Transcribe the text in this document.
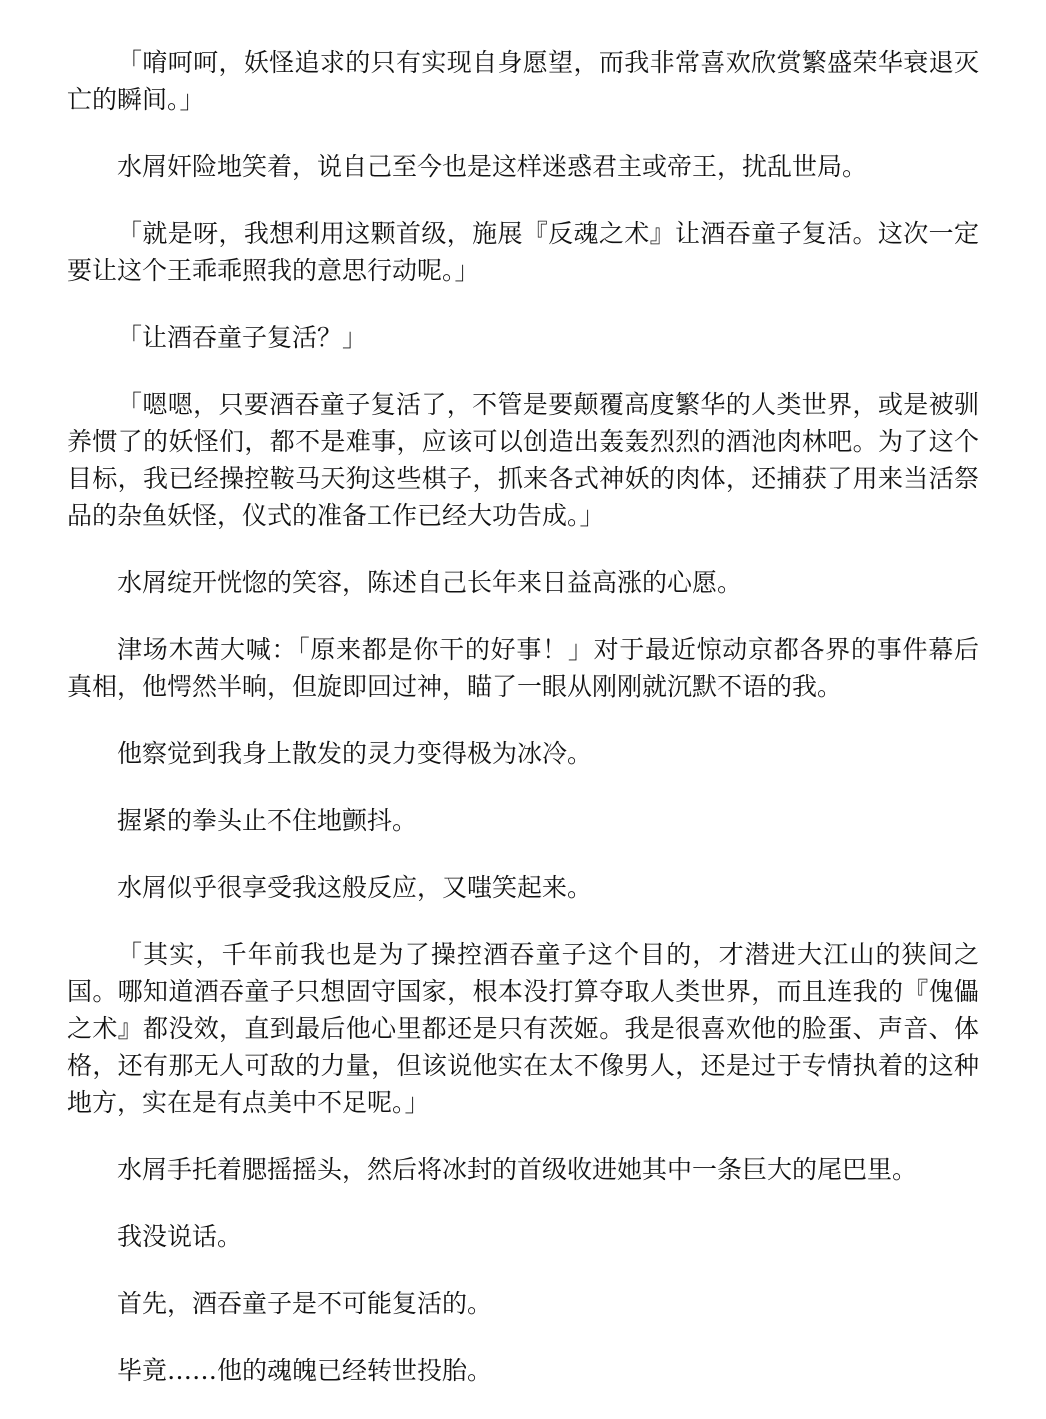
「唷呵呵，妖怪追求的只有实现自身愿望，而我非常喜欢欣赏繁盛荣华衰退灭亡的瞬间。」

水屑奸险地笑着，说自己至今也是这样迷惑君主或帝王，扰乱世局。

「就是呀，我想利用这颗首级，施展『反魂之术』让酒吞童子复活。这次一定要让这个王乖乖照我的意思行动呢。」

「让酒吞童子复活？」

「嗯嗯，只要酒吞童子复活了，不管是要颠覆高度繁华的人类世界，或是被驯养惯了的妖怪们，都不是难事，应该可以创造出轰轰烈烈的酒池肉林吧。为了这个目标，我已经操控鞍马天狗这些棋子，抓来各式神妖的肉体，还捕获了用来当活祭品的杂鱼妖怪，仪式的准备工作已经大功告成。」

水屑绽开恍惚的笑容，陈述自己长年来日益高涨的心愿。

津场木茜大喊：「原来都是你干的好事！」对于最近惊动京都各界的事件幕后真相，他愕然半晌，但旋即回过神，瞄了一眼从刚刚就沉默不语的我。

他察觉到我身上散发的灵力变得极为冰冷。

握紧的拳头止不住地颤抖。

水屑似乎很享受我这般反应，又嗤笑起来。

「其实，千年前我也是为了操控酒吞童子这个目的，才潜进大江山的狭间之国。哪知道酒吞童子只想固守国家，根本没打算夺取人类世界，而且连我的『傀儡之术』都没效，直到最后他心里都还是只有茨姬。我是很喜欢他的脸蛋、声音、体格，还有那无人可敌的力量，但该说他实在太不像男人，还是过于专情执着的这种地方，实在是有点美中不足呢。」

水屑手托着腮摇摇头，然后将冰封的首级收进她其中一条巨大的尾巴里。

我没说话。

首先，酒吞童子是不可能复活的。

毕竟……他的魂魄已经转世投胎。
